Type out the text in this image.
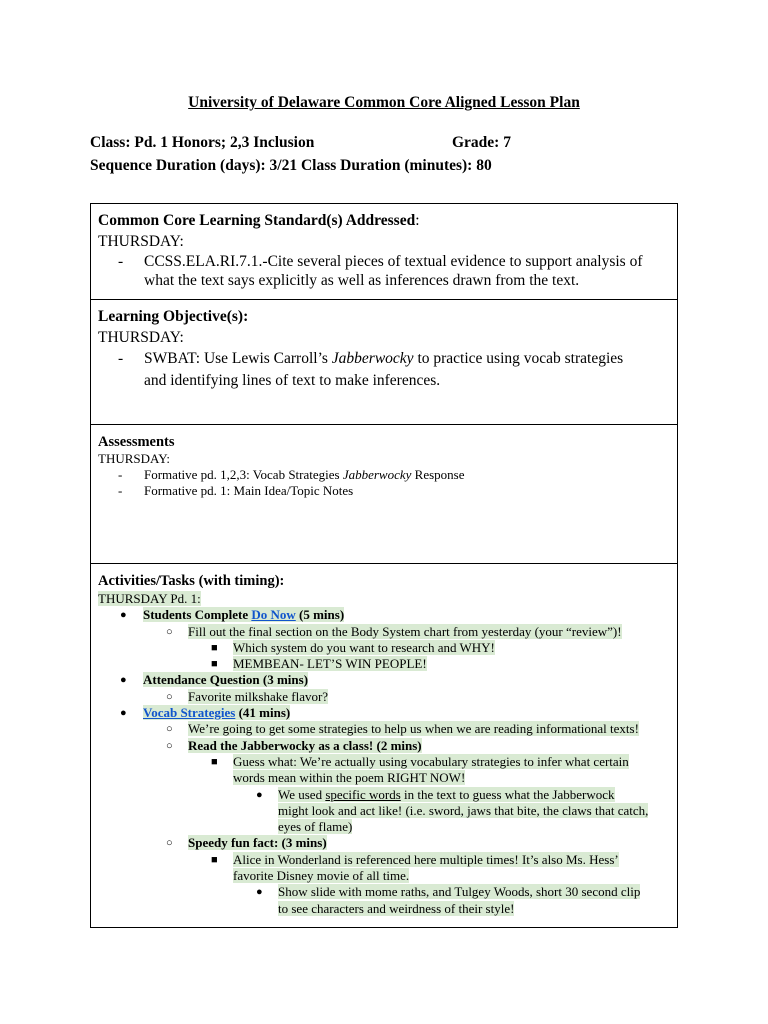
University of Delaware Common Core Aligned Lesson Plan
Class: Pd. 1 Honors; 2,3 Inclusion	Grade: 7
Sequence Duration (days): 3/21 Class Duration (minutes): 80
Common Core Learning Standard(s) Addressed:
THURSDAY:
- CCSS.ELA.RI.7.1.-Cite several pieces of textual evidence to support analysis of
what the text says explicitly as well as inferences drawn from the text.
Learning Objective(s):
THURSDAY:
- SWBAT: Use Lewis Carroll’s Jabberwocky to practice using vocab strategies
and identifying lines of text to make inferences.
Assessments
THURSDAY:
- Formative pd. 1,2,3: Vocab Strategies Jabberwocky Response
- Formative pd. 1: Main Idea/Topic Notes
Activities/Tasks (with timing):
THURSDAY Pd. 1:
● Students Complete Do Now (5 mins)
○ Fill out the final section on the Body System chart from yesterday (your “review”)!
■ Which system do you want to research and WHY!
■ MEMBEAN- LET’S WIN PEOPLE!
● Attendance Question (3 mins)
○ Favorite milkshake flavor?
● Vocab Strategies (41 mins)
○ We’re going to get some strategies to help us when we are reading informational texts!
○ Read the Jabberwocky as a class! (2 mins)
■ Guess what: We’re actually using vocabulary strategies to infer what certain
words mean within the poem RIGHT NOW!
● We used specific words in the text to guess what the Jabberwock
might look and act like! (i.e. sword, jaws that bite, the claws that catch,
eyes of flame)
○ Speedy fun fact: (3 mins)
■ Alice in Wonderland is referenced here multiple times! It’s also Ms. Hess’
favorite Disney movie of all time.
● Show slide with mome raths, and Tulgey Woods, short 30 second clip
to see characters and weirdness of their style!
